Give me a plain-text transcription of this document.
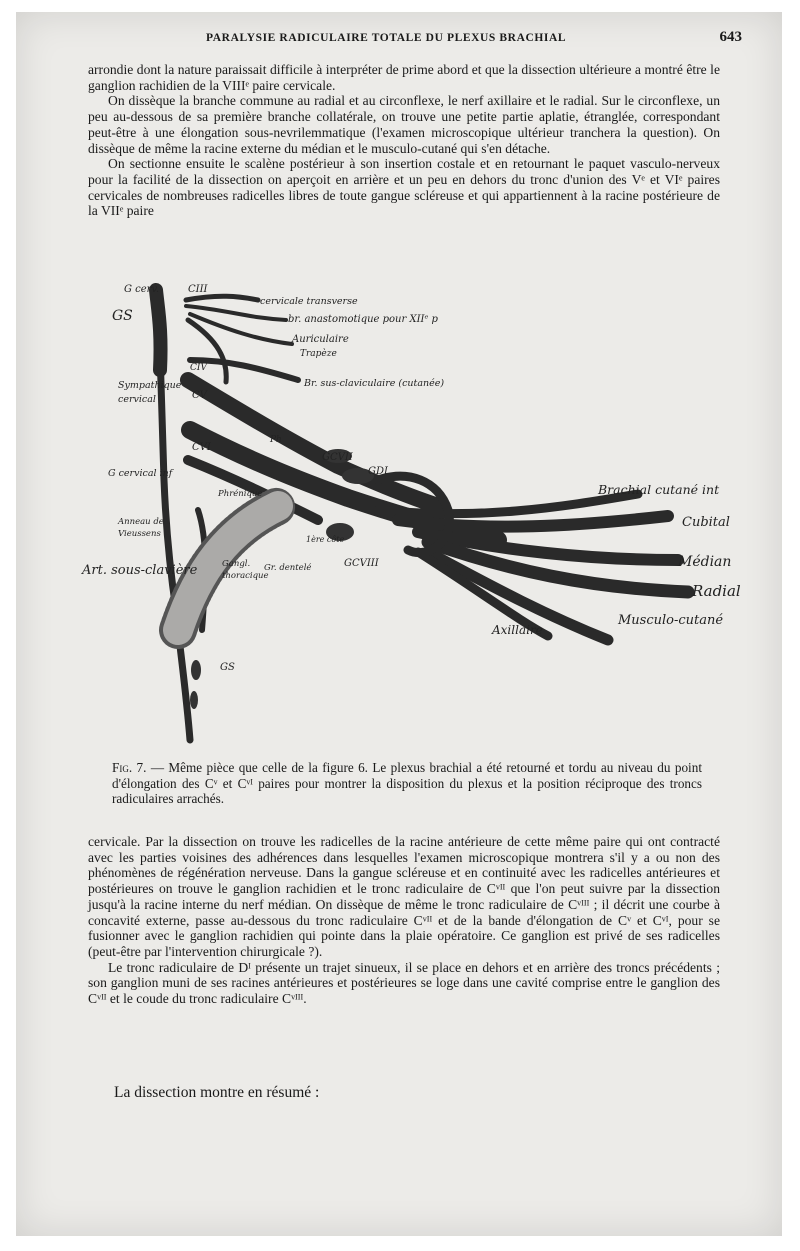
PARALYSIE RADICULAIRE TOTALE DU PLEXUS BRACHIAL	643

arrondie dont la nature paraissait difficile à interpréter de prime abord et que la dissection ultérieure a montré être le ganglion rachidien de la VIIIᵉ paire cervicale.

On dissèque la branche commune au radial et au circonflexe, le nerf axillaire et le radial. Sur le circonflexe, un peu au-dessous de sa première branche collatérale, on trouve une petite partie aplatie, étranglée, correspondant peut-être à une élongation sous-nevrilemmatique (l'examen microscopique ultérieur tranchera la question). On dissèque de même la racine externe du médian et le musculo-cutané qui s'en détache.

On sectionne ensuite le scalène postérieur à son insertion costale et en retournant le paquet vasculo-nerveux pour la facilité de la dissection on aperçoit en arrière et un peu en dehors du tronc d'union des Vᵉ et VIᵉ paires cervicales de nombreuses radicelles libres de toute gangue scléreuse et qui appartiennent à la racine postérieure de la VIIᵉ paire

G cerv.
GS
CIII
cervicale transverse
br. anastomotique pour XIIᵉ p
Auriculaire
Trapèze
CIV
Sympathique
cervical
Br. sus-claviculaire (cutanée)
CV
CVI
Ph
GCVII
GDI
G cervical inf
Phrénique
Anneau de
Vieussens
1ère côte
Art. sous-clavière	Gangl.
thoracique
Gr. dentelé	GCVIII
Brachial cutané int
Cubital
Médian
Radial
Musculo-cutané
Axillaire
GS
Fig. 7. — Même pièce que celle de la figure 6. Le plexus brachial a été retourné et tordu au niveau du point d'élongation des Cᵛ et Cᵛᴵ paires pour montrer la disposition du plexus et la position réciproque des troncs radiculaires arrachés.

cervicale. Par la dissection on trouve les radicelles de la racine antérieure de cette même paire qui ont contracté avec les parties voisines des adhérences dans lesquelles l'examen microscopique montrera s'il y a ou non des phénomènes de régénération nerveuse. Dans la gangue scléreuse et en continuité avec les radicelles antérieures et postérieures on trouve le ganglion rachidien et le tronc radiculaire de Cᵛᴵᴵ que l'on peut suivre par la dissection jusqu'à la racine interne du nerf médian. On dissèque de même le tronc radiculaire de Cᵛᴵᴵᴵ ; il décrit une courbe à concavité externe, passe au-dessous du tronc radiculaire Cᵛᴵᴵ et de la bande d'élongation de Cᵛ et Cᵛᴵ, pour se fusionner avec le ganglion rachidien qui pointe dans la plaie opératoire. Ce ganglion est privé de ses radicelles (peut-être par l'intervention chirurgicale ?).

Le tronc radiculaire de Dᴵ présente un trajet sinueux, il se place en dehors et en arrière des troncs précédents ; son ganglion muni de ses racines antérieures et postérieures se loge dans une cavité comprise entre le ganglion des Cᵛᴵᴵ et le coude du tronc radiculaire Cᵛᴵᴵᴵ.

La dissection montre en résumé :
